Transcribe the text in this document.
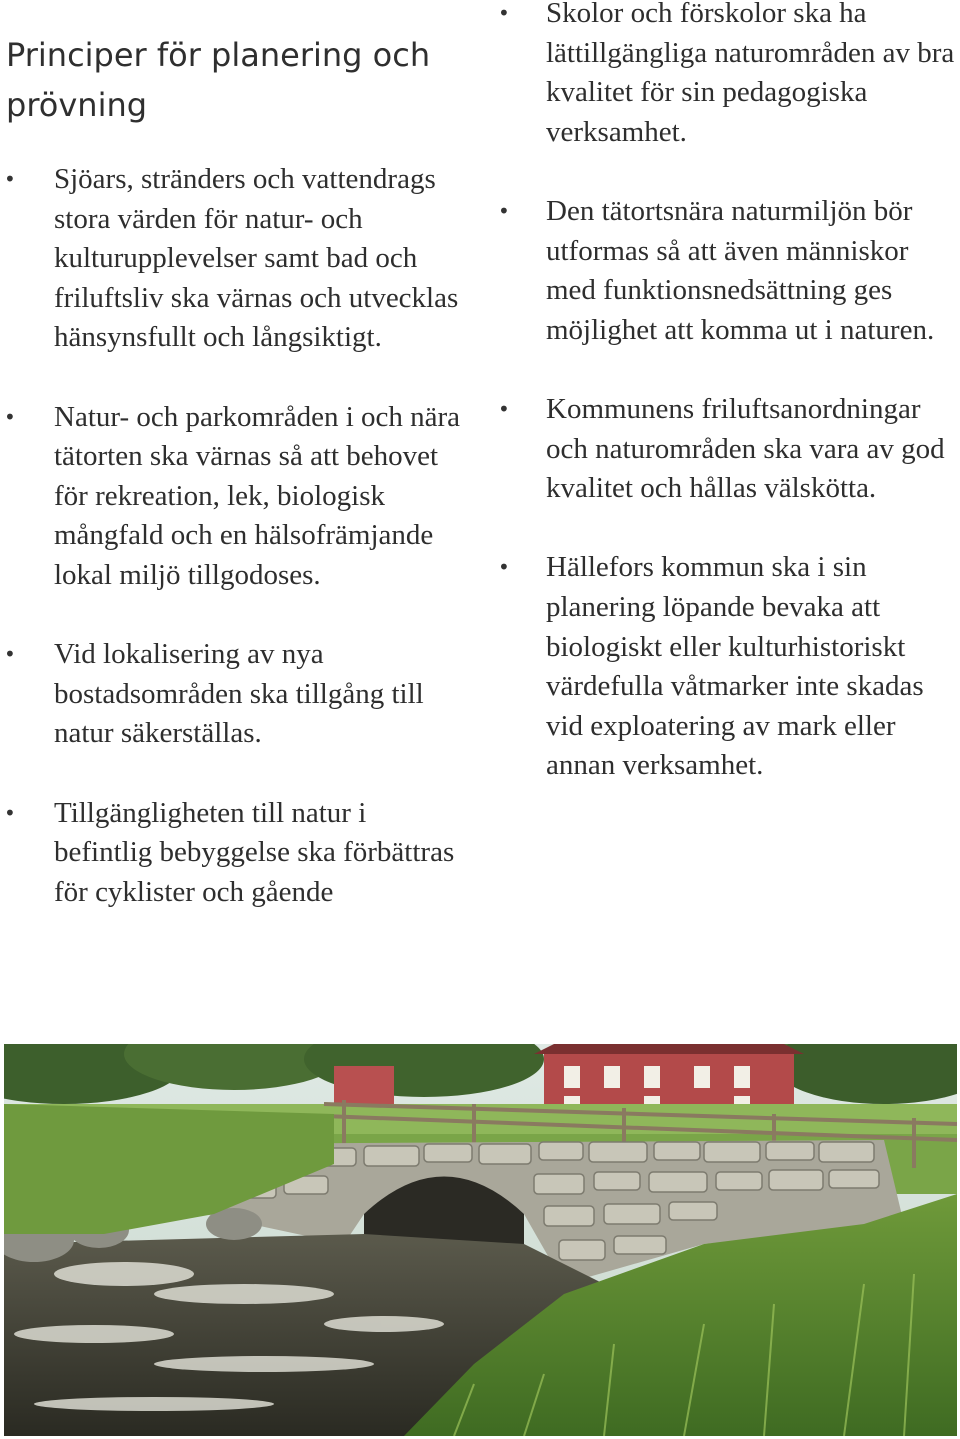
Principer för planering och prövning
• Sjöars, stränders och vattendrags stora värden för natur- och kulturupplevelser samt bad och friluftsliv ska värnas och utvecklas hänsynsfullt och långsiktigt.
• Natur- och parkområden i och nära tätorten ska värnas så att behovet för rekreation, lek, biologisk mångfald och en hälsofrämjande lokal miljö tillgodoses.
• Vid lokalisering av nya bostadsområden ska tillgång till natur säkerställas.
• Tillgängligheten till natur i befintlig bebyggelse ska förbättras för cyklister och gående
• Skolor och förskolor ska ha lättillgängliga naturområden av bra kvalitet för sin pedagogiska verksamhet.
• Den tätortsnära naturmiljön bör utformas så att även människor med funktionsnedsättning ges möjlighet att komma ut i naturen.
• Kommunens friluftsanordningar och naturområden ska vara av god kvalitet och hållas välskötta.
• Hällefors kommun ska i sin planering löpande bevaka att biologiskt eller kulturhistoriskt värdefulla våtmarker inte skadas vid exploatering av mark eller annan verksamhet.
